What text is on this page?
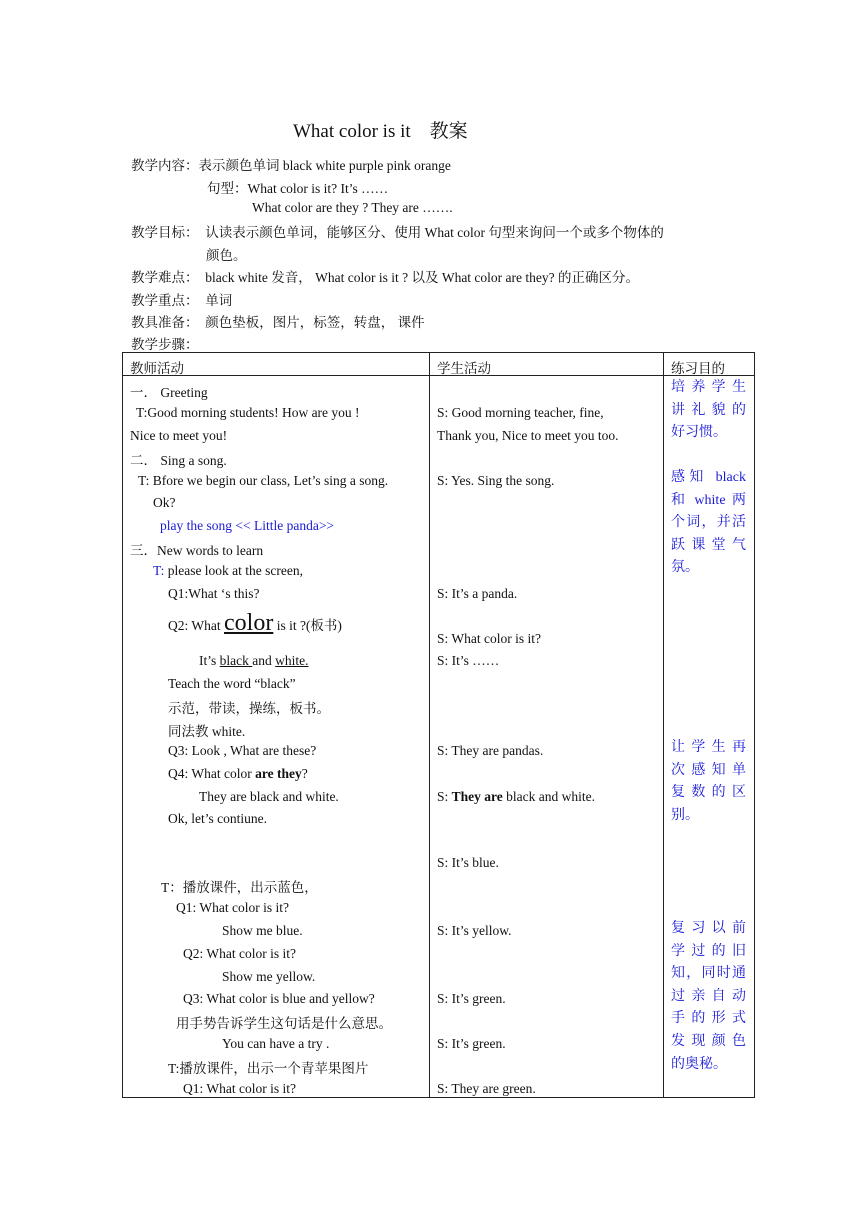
What color is it 教案
教学内容：表示颜色单词 black white purple pink orange
句型：What color is it? It’s ……
What color are they ? They are …….
教学目标： 认读表示颜色单词，能够区分、使用 What color 句型来询问一个或多个物体的
颜色。
教学难点： black white 发音， What color is it ? 以及 What color are they? 的正确区分。
教学重点： 单词
教具准备： 颜色垫板，图片，标签，转盘， 课件
教学步骤：
教师活动	学生活动	练习目的
一． Greeting
T:Good morning students! How are you !
Nice to meet you!
二． Sing a song.
T: Bfore we begin our class, Let’s sing a song.
Ok?
play the song << Little panda>>
三．New words to learn
T: please look at the screen,
Q1:What ‘s this?
Q2: What color is it ?(板书)
It’s black and white.
Teach the word “black”
示范，带读，操练，板书。
同法教 white.
Q3: Look , What are these?
Q4: What color are they?
They are black and white.
Ok, let’s contiune.
T：播放课件，出示蓝色，
Q1: What color is it?
Show me blue.
Q2: What color is it?
Show me yellow.
Q3: What color is blue and yellow?
用手势告诉学生这句话是什么意思。
You can have a try .
T:播放课件，出示一个青苹果图片
Q1: What color is it?
S: Good morning teacher, fine,
Thank you, Nice to meet you too.
S: Yes. Sing the song.
S: It’s a panda.
S: What color is it?
S: It’s ……
S: They are pandas.
S: They are black and white.
S: It’s blue.
S: It’s yellow.
S: It’s green.
S: It’s green.
S: They are green.
培养学生
讲礼貌的
好习惯。
感知 black
和 white 两
个词，并活
跃课堂气
氛。
让学生再
次感知单
复数的区
别。
复习以前
学过的旧
知，同时通
过亲自动
手的形式
发现颜色
的奥秘。
